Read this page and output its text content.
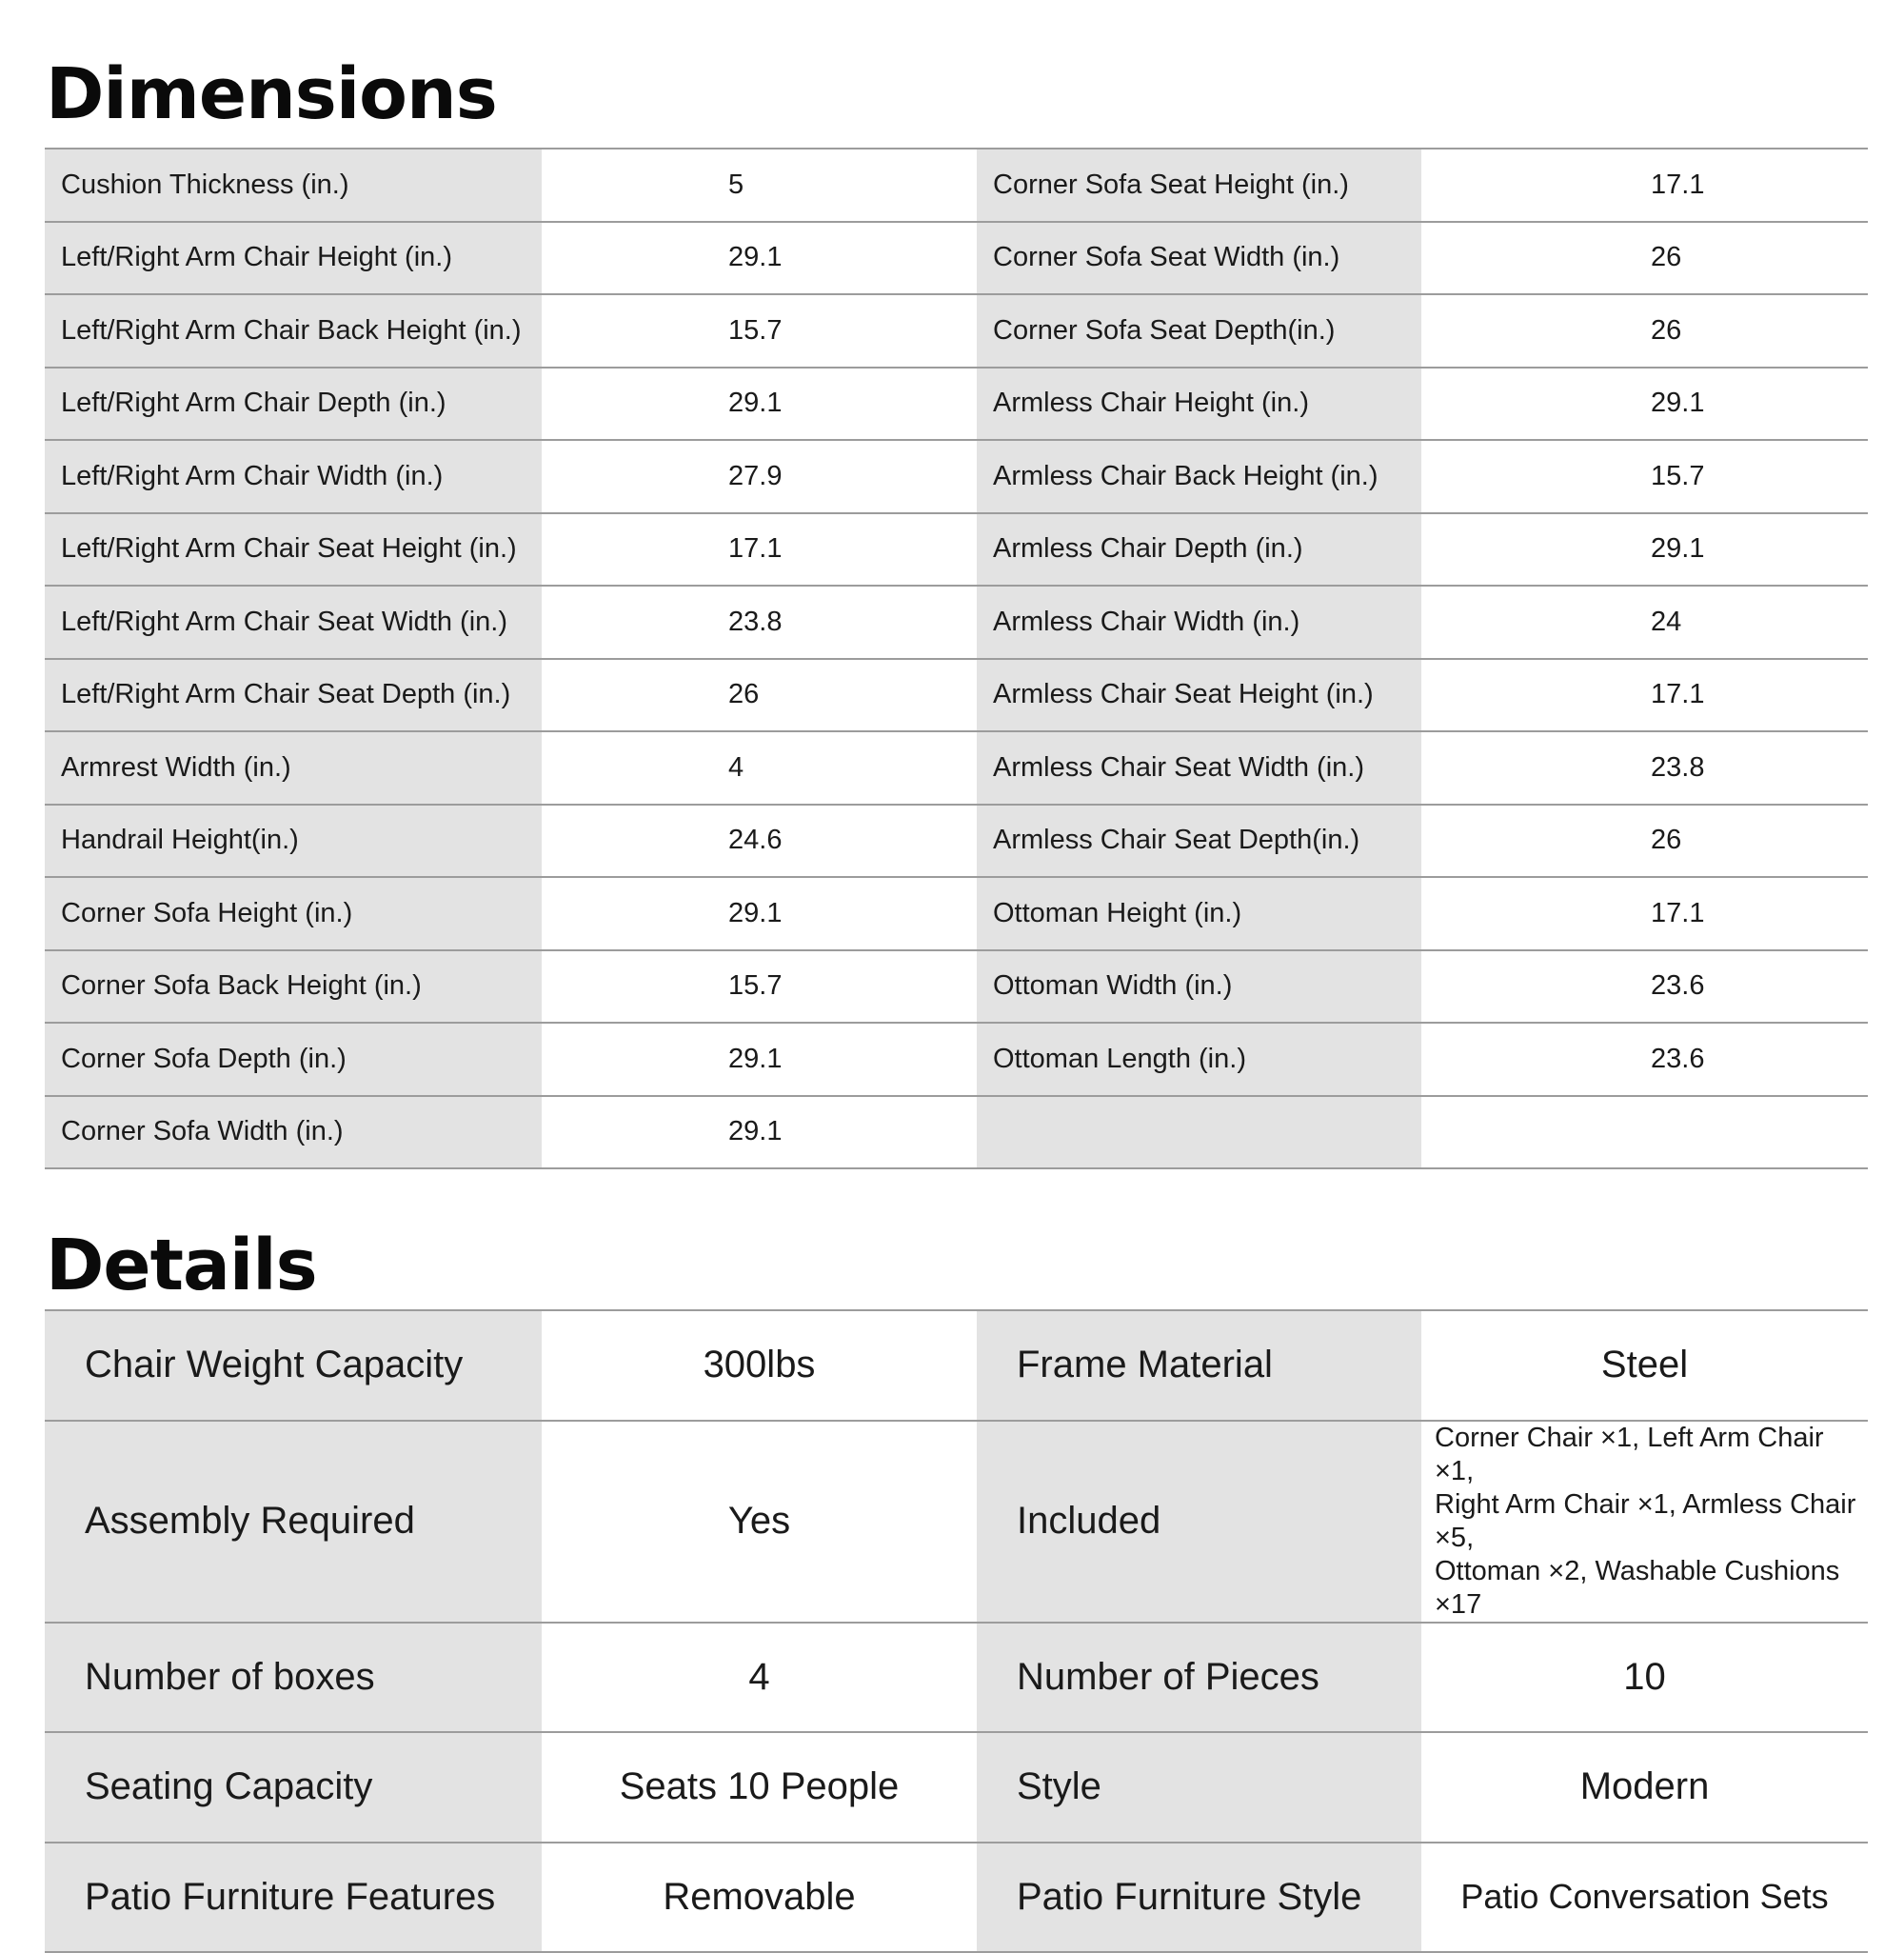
Dimensions
Cushion Thickness (in.)	5	Corner Sofa Seat Height (in.)	17.1
Left/Right Arm Chair Height (in.)	29.1	Corner Sofa Seat Width (in.)	26
Left/Right Arm Chair Back Height (in.)	15.7	Corner Sofa Seat Depth(in.)	26
Left/Right Arm Chair Depth (in.)	29.1	Armless Chair Height (in.)	29.1
Left/Right Arm Chair Width (in.)	27.9	Armless Chair Back Height (in.)	15.7
Left/Right Arm Chair Seat Height (in.)	17.1	Armless Chair Depth (in.)	29.1
Left/Right Arm Chair Seat Width (in.)	23.8	Armless Chair Width (in.)	24
Left/Right Arm Chair Seat Depth (in.)	26	Armless Chair Seat Height (in.)	17.1
Armrest Width (in.)	4	Armless Chair Seat Width (in.)	23.8
Handrail Height(in.)	24.6	Armless Chair Seat Depth(in.)	26
Corner Sofa Height (in.)	29.1	Ottoman Height (in.)	17.1
Corner Sofa Back Height (in.)	15.7	Ottoman Width (in.)	23.6
Corner Sofa Depth (in.)	29.1	Ottoman Length (in.)	23.6
Corner Sofa Width (in.)	29.1		
Details
Chair Weight Capacity	300lbs	Frame Material	Steel
Assembly Required	Yes	Included	Corner Chair ×1, Left Arm Chair ×1,
Right Arm Chair ×1, Armless Chair ×5,
Ottoman ×2, Washable Cushions ×17

Number of boxes	4	Number of Pieces	10
Seating Capacity	Seats 10 People	Style	Modern
Patio Furniture Features	Removable	Patio Furniture Style	Patio Conversation Sets
